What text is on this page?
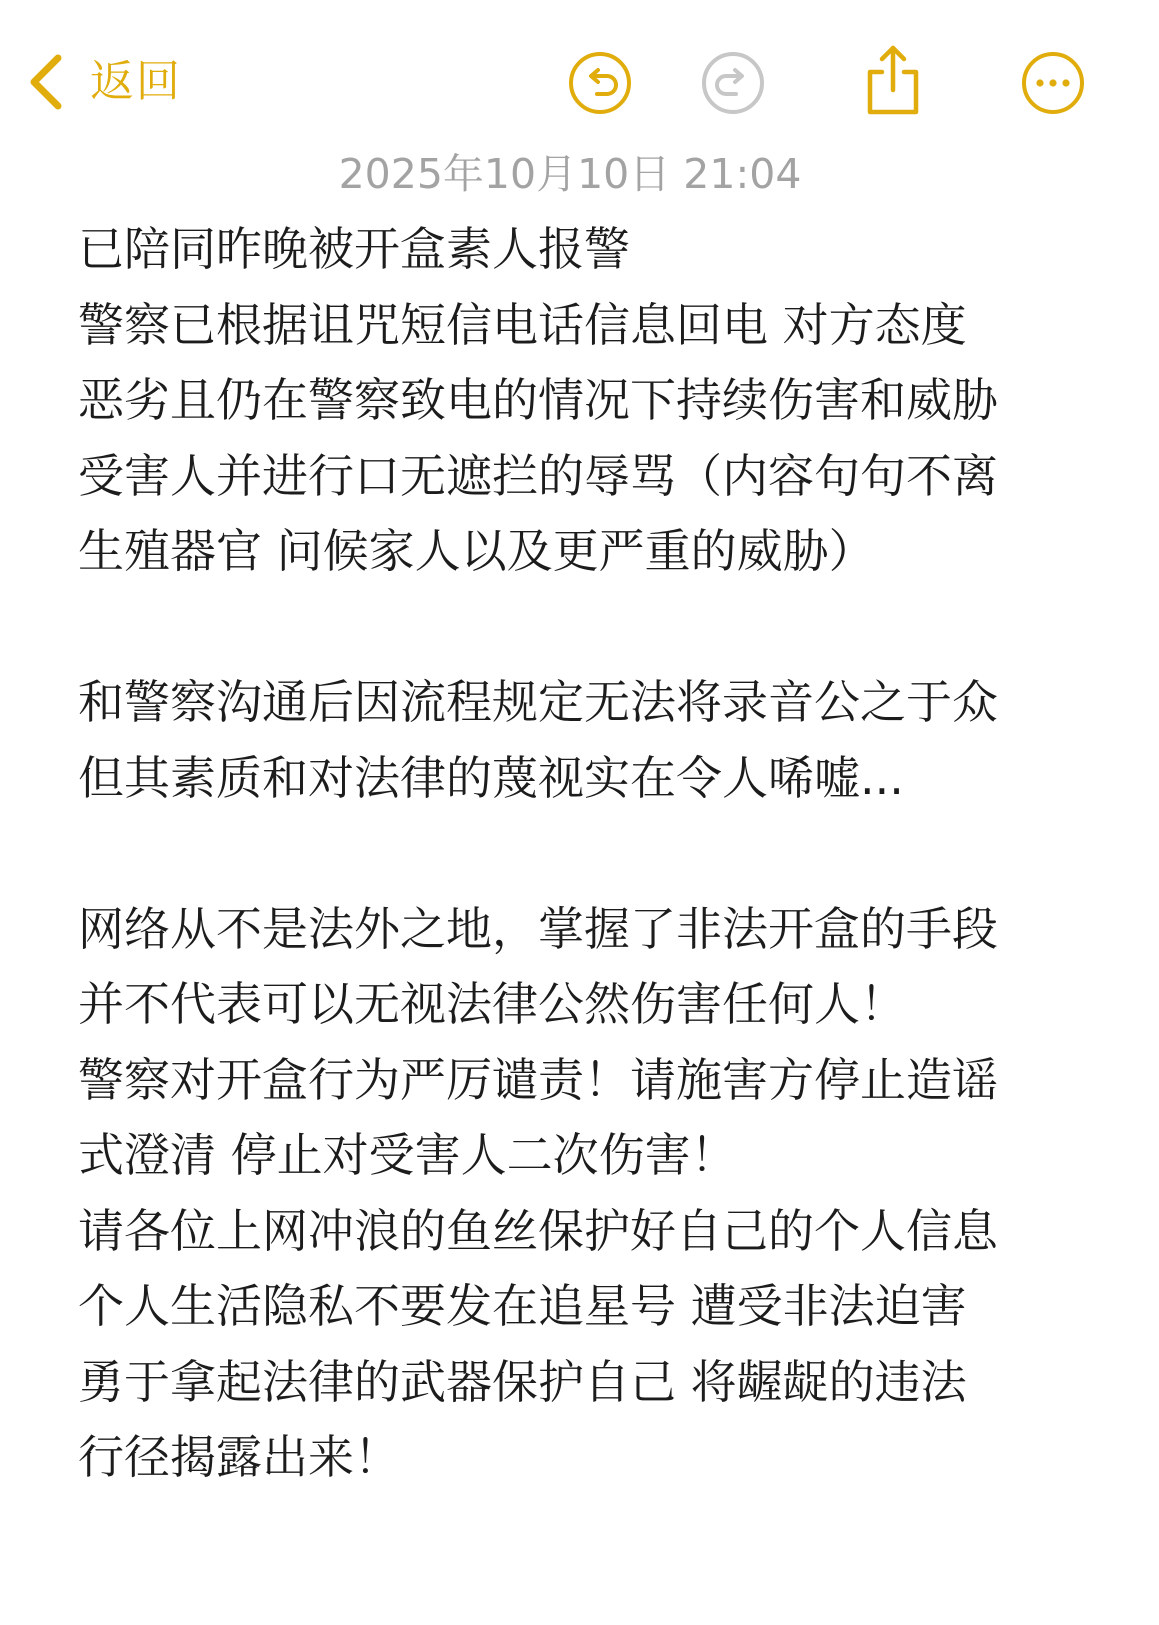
返回
2025年10月10日 21:04
已陪同昨晚被开盒素人报警
警察已根据诅咒短信电话信息回电 对方态度
恶劣且仍在警察致电的情况下持续伤害和威胁
受害人并进行口无遮拦的辱骂（内容句句不离
生殖器官 问候家人以及更严重的威胁）
和警察沟通后因流程规定无法将录音公之于众
但其素质和对法律的蔑视实在令人唏嘘...
网络从不是法外之地，掌握了非法开盒的手段
并不代表可以无视法律公然伤害任何人！
警察对开盒行为严厉谴责！请施害方停止造谣
式澄清 停止对受害人二次伤害！
请各位上网冲浪的鱼丝保护好自己的个人信息
个人生活隐私不要发在追星号 遭受非法迫害
勇于拿起法律的武器保护自己 将龌龊的违法
行径揭露出来！
